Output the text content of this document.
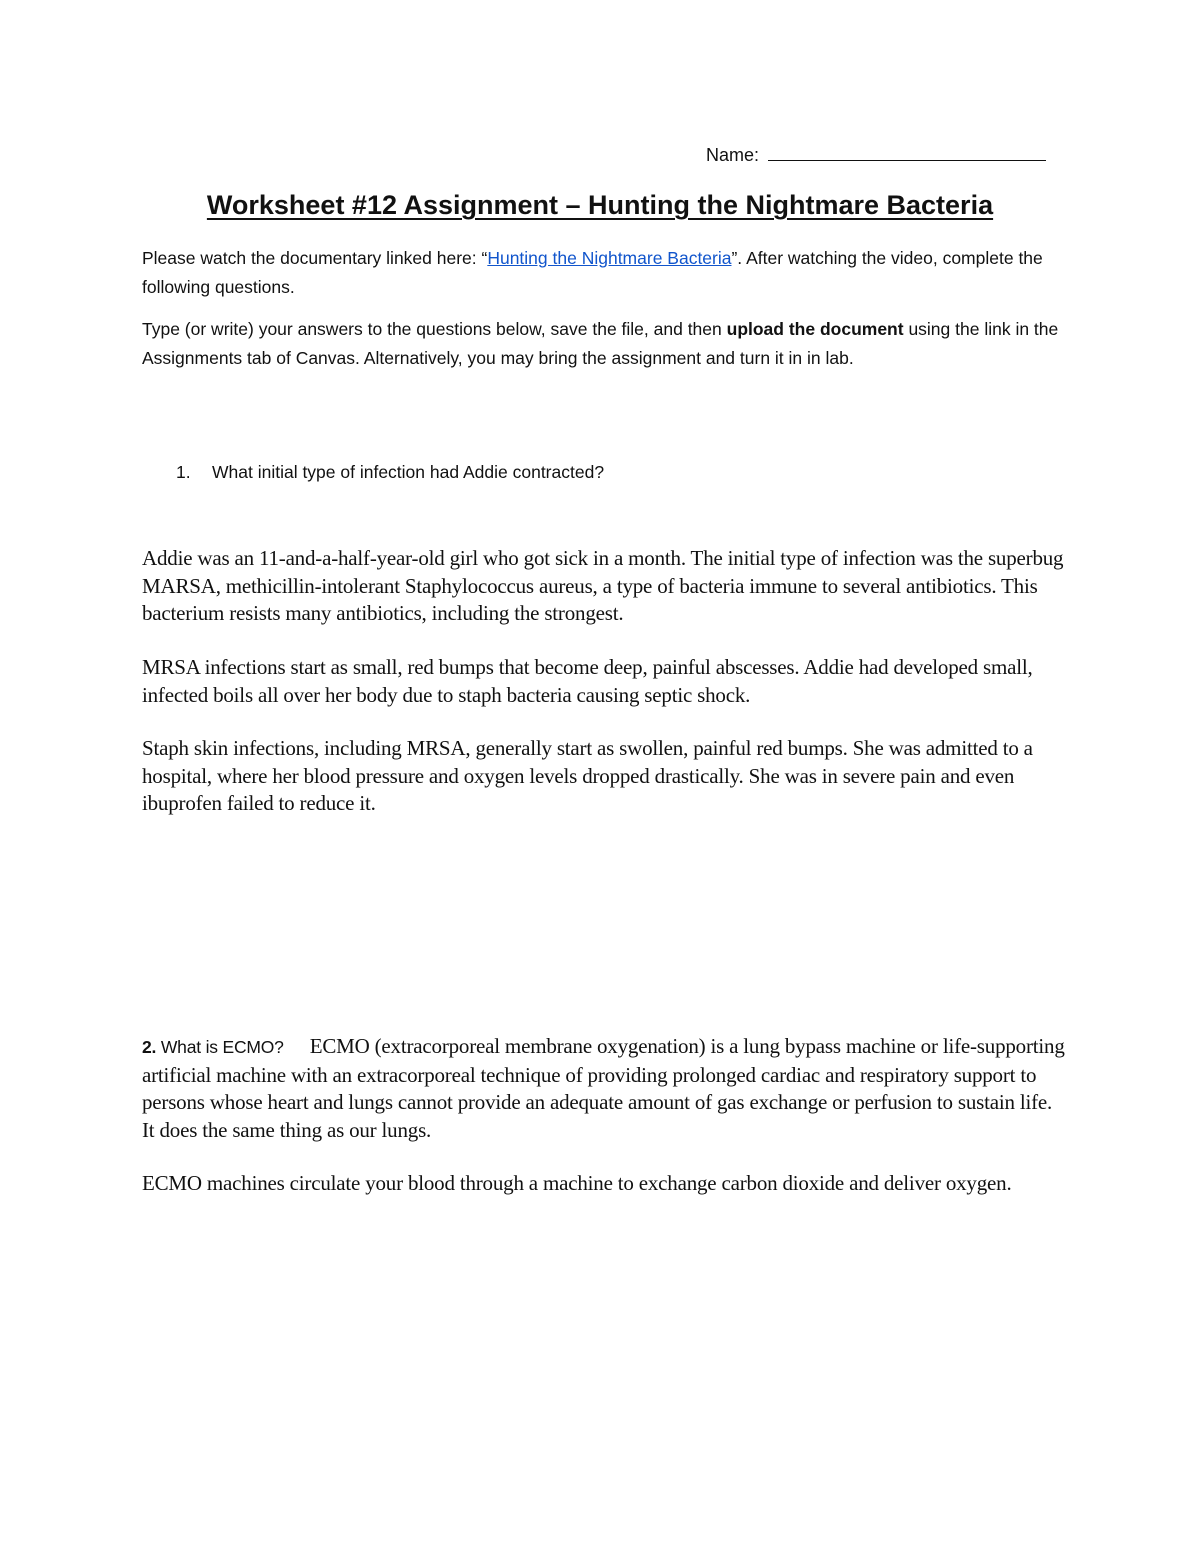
Name:
Worksheet #12 Assignment – Hunting the Nightmare Bacteria
Please watch the documentary linked here: “Hunting the Nightmare Bacteria”. After watching the video, complete the following questions.
Type (or write) your answers to the questions below, save the file, and then upload the document using the link in the Assignments tab of Canvas. Alternatively, you may bring the assignment and turn it in in lab.
1. What initial type of infection had Addie contracted?
Addie was an 11-and-a-half-year-old girl who got sick in a month. The initial type of infection was the superbug MARSA, methicillin-intolerant Staphylococcus aureus, a type of bacteria immune to several antibiotics. This bacterium resists many antibiotics, including the strongest.
MRSA infections start as small, red bumps that become deep, painful abscesses. Addie had developed small, infected boils all over her body due to staph bacteria causing septic shock.
Staph skin infections, including MRSA, generally start as swollen, painful red bumps. She was admitted to a hospital, where her blood pressure and oxygen levels dropped drastically. She was in severe pain and even ibuprofen failed to reduce it.
2. What is ECMO? ECMO (extracorporeal membrane oxygenation) is a lung bypass machine or life-supporting artificial machine with an extracorporeal technique of providing prolonged cardiac and respiratory support to persons whose heart and lungs cannot provide an adequate amount of gas exchange or perfusion to sustain life. It does the same thing as our lungs.
ECMO machines circulate your blood through a machine to exchange carbon dioxide and deliver oxygen.
